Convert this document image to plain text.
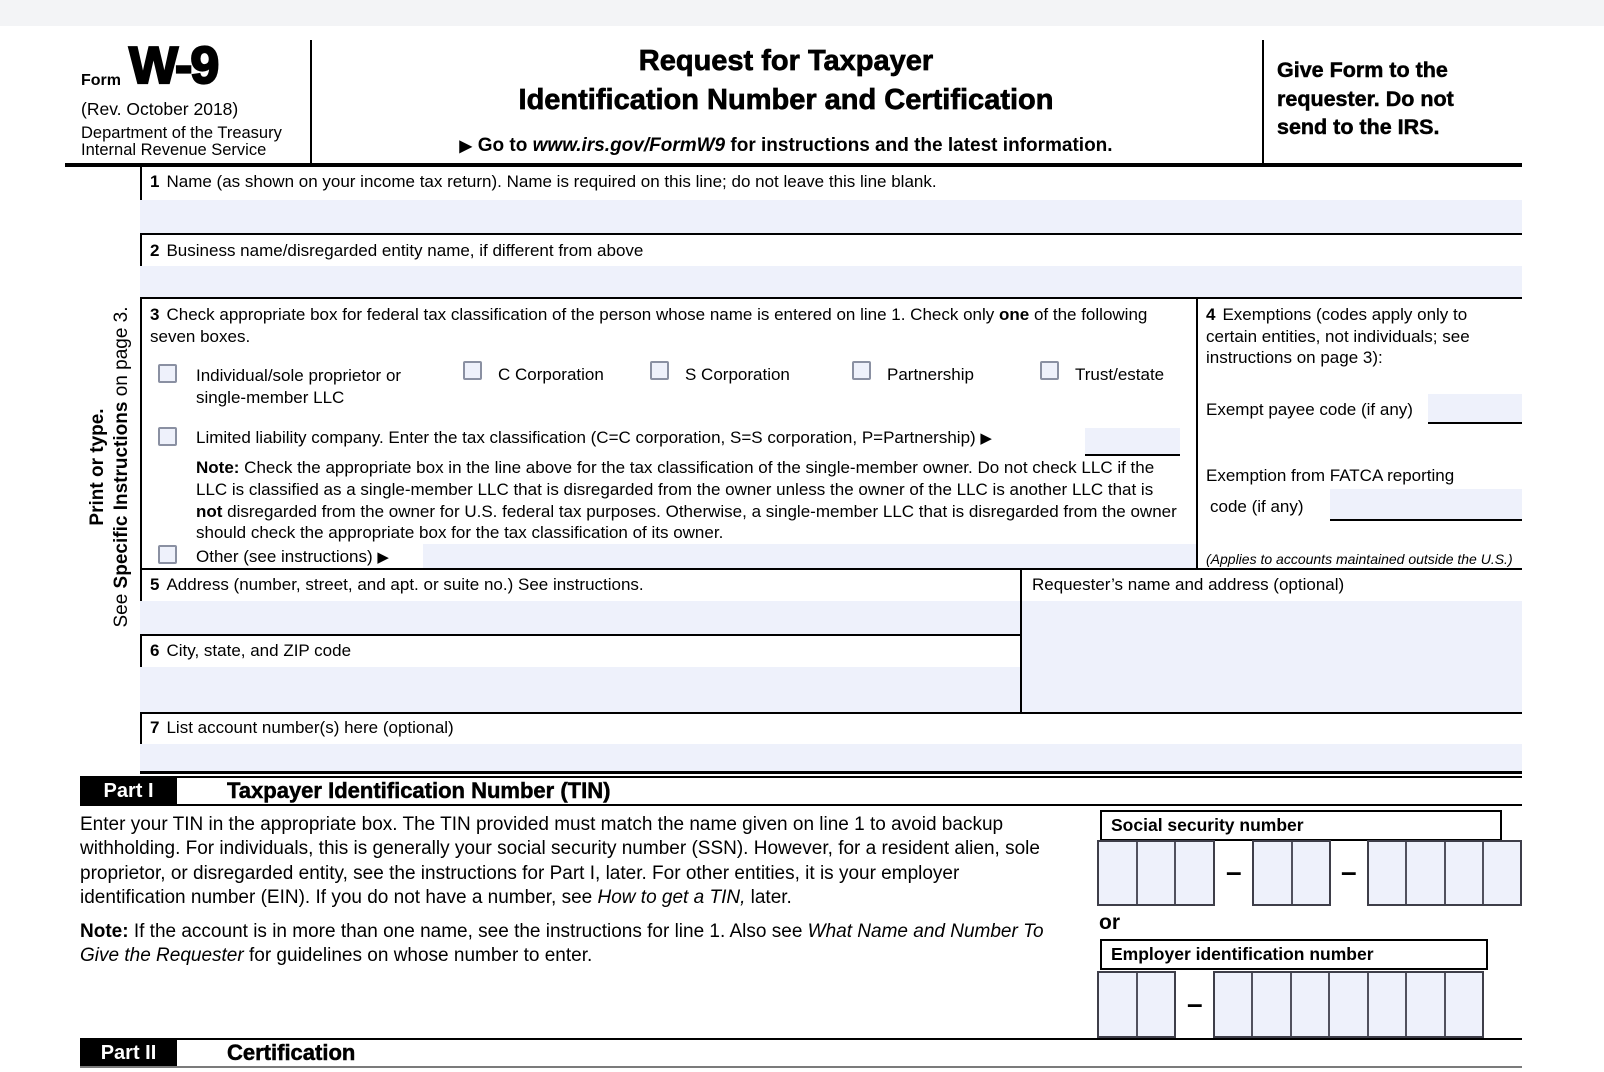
Form W-9
(Rev. October 2018)
Department of the Treasury
Internal Revenue Service
Request for Taxpayer
Identification Number and Certification
▶ Go to www.irs.gov/FormW9 for instructions and the latest information.
Give Form to the requester. Do not send to the IRS.
Print or type.
See Specific Instructions on page 3.
1 Name (as shown on your income tax return). Name is required on this line; do not leave this line blank.
2 Business name/disregarded entity name, if different from above
3 Check appropriate box for federal tax classification of the person whose name is entered on line 1. Check only one of the following seven boxes.
Individual/sole proprietor or single-member LLC
C Corporation	S Corporation	Partnership	Trust/estate
Limited liability company. Enter the tax classification (C=C corporation, S=S corporation, P=Partnership) ▶
Note: Check the appropriate box in the line above for the tax classification of the single-member owner. Do not check LLC if the LLC is classified as a single-member LLC that is disregarded from the owner unless the owner of the LLC is another LLC that is not disregarded from the owner for U.S. federal tax purposes. Otherwise, a single-member LLC that is disregarded from the owner should check the appropriate box for the tax classification of its owner.
Other (see instructions) ▶
4 Exemptions (codes apply only to certain entities, not individuals; see instructions on page 3):
Exempt payee code (if any)
Exemption from FATCA reporting
code (if any)
(Applies to accounts maintained outside the U.S.)
5 Address (number, street, and apt. or suite no.) See instructions.
6 City, state, and ZIP code
Requester’s name and address (optional)
7 List account number(s) here (optional)
Part I	Taxpayer Identification Number (TIN)
Enter your TIN in the appropriate box. The TIN provided must match the name given on line 1 to avoid backup withholding. For individuals, this is generally your social security number (SSN). However, for a resident alien, sole proprietor, or disregarded entity, see the instructions for Part I, later. For other entities, it is your employer identification number (EIN). If you do not have a number, see How to get a TIN, later.
Note: If the account is in more than one name, see the instructions for line 1. Also see What Name and Number To Give the Requester for guidelines on whose number to enter.
Social security number
–	–
or
Employer identification number
–
Part II	Certification
